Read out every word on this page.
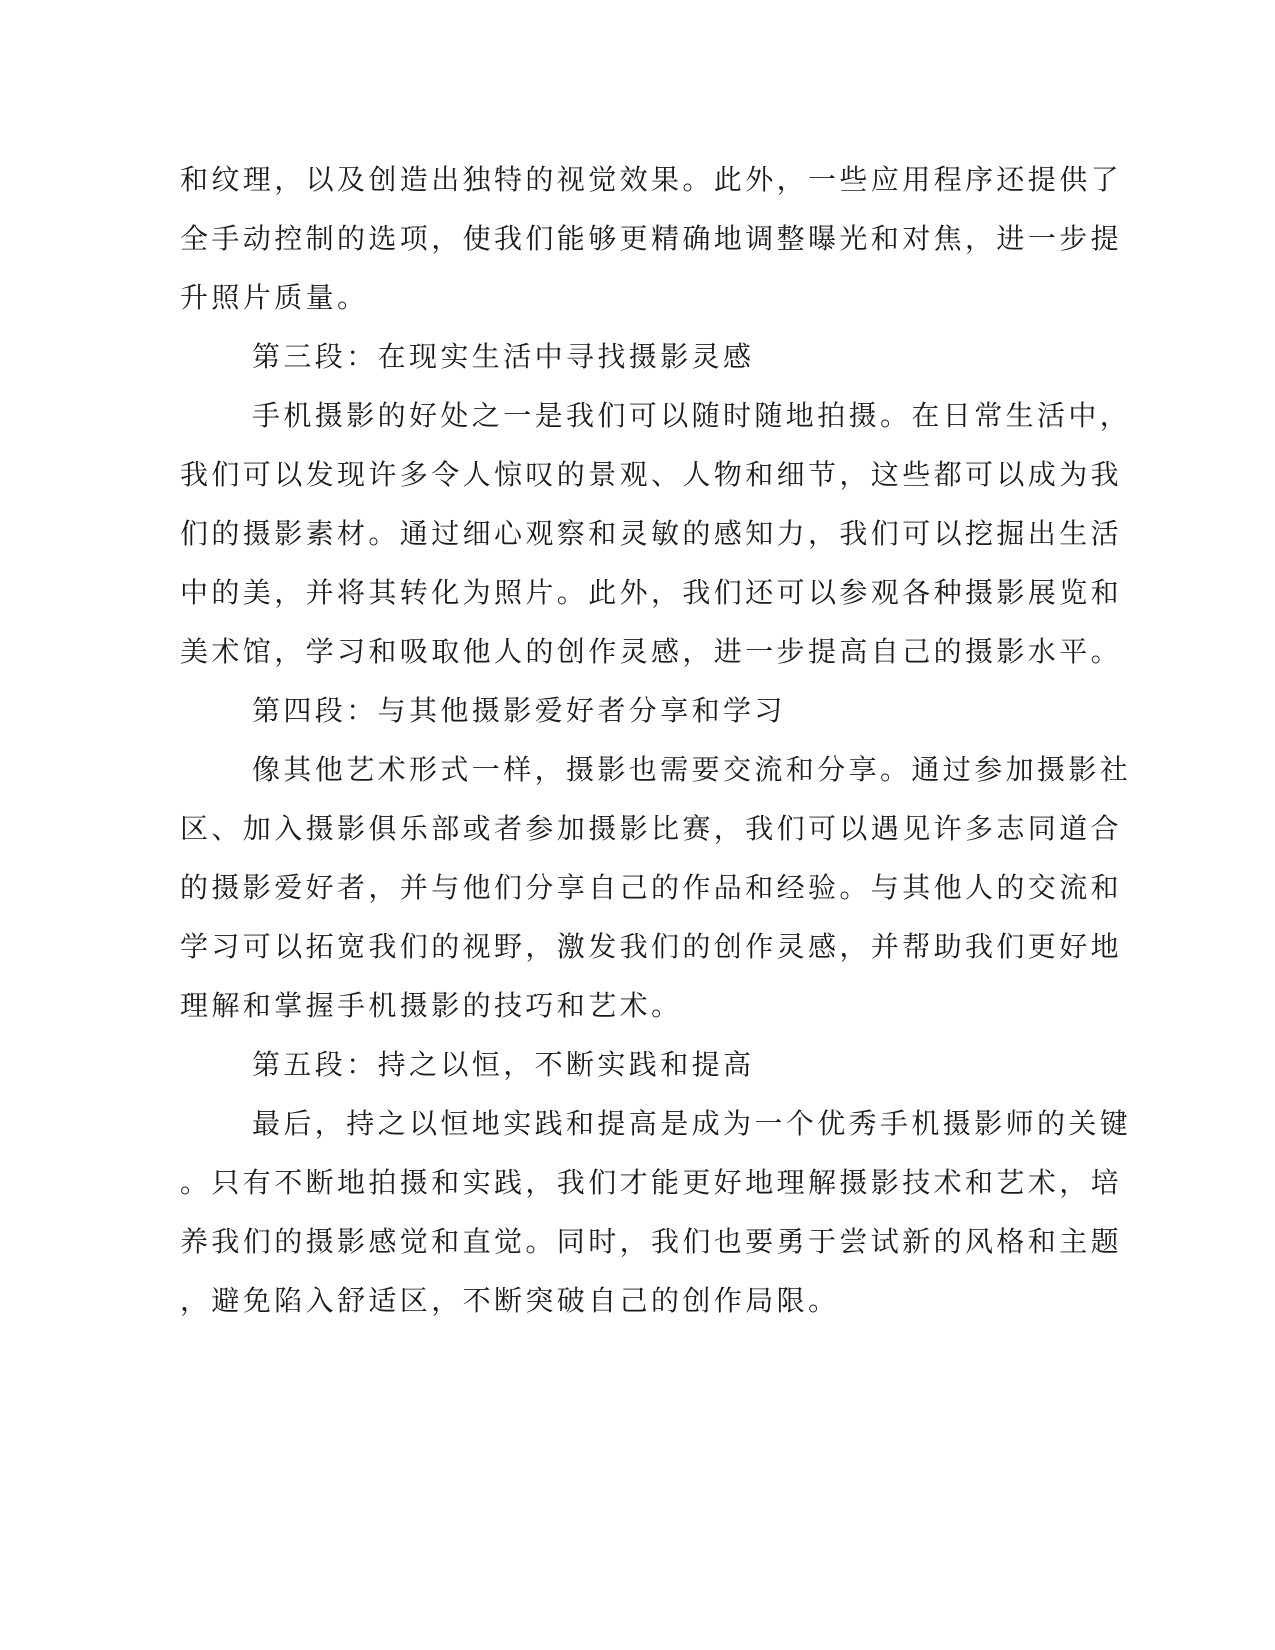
和纹理，以及创造出独特的视觉效果。此外，一些应用程序还提供了
全手动控制的选项，使我们能够更精确地调整曝光和对焦，进一步提
升照片质量。
第三段：在现实生活中寻找摄影灵感
手机摄影的好处之一是我们可以随时随地拍摄。在日常生活中，
我们可以发现许多令人惊叹的景观、人物和细节，这些都可以成为我
们的摄影素材。通过细心观察和灵敏的感知力，我们可以挖掘出生活
中的美，并将其转化为照片。此外，我们还可以参观各种摄影展览和
美术馆，学习和吸取他人的创作灵感，进一步提高自己的摄影水平。
第四段：与其他摄影爱好者分享和学习
像其他艺术形式一样，摄影也需要交流和分享。通过参加摄影社
区、加入摄影俱乐部或者参加摄影比赛，我们可以遇见许多志同道合
的摄影爱好者，并与他们分享自己的作品和经验。与其他人的交流和
学习可以拓宽我们的视野，激发我们的创作灵感，并帮助我们更好地
理解和掌握手机摄影的技巧和艺术。
第五段：持之以恒，不断实践和提高
最后，持之以恒地实践和提高是成为一个优秀手机摄影师的关键
。只有不断地拍摄和实践，我们才能更好地理解摄影技术和艺术，培
养我们的摄影感觉和直觉。同时，我们也要勇于尝试新的风格和主题
，避免陷入舒适区，不断突破自己的创作局限。
